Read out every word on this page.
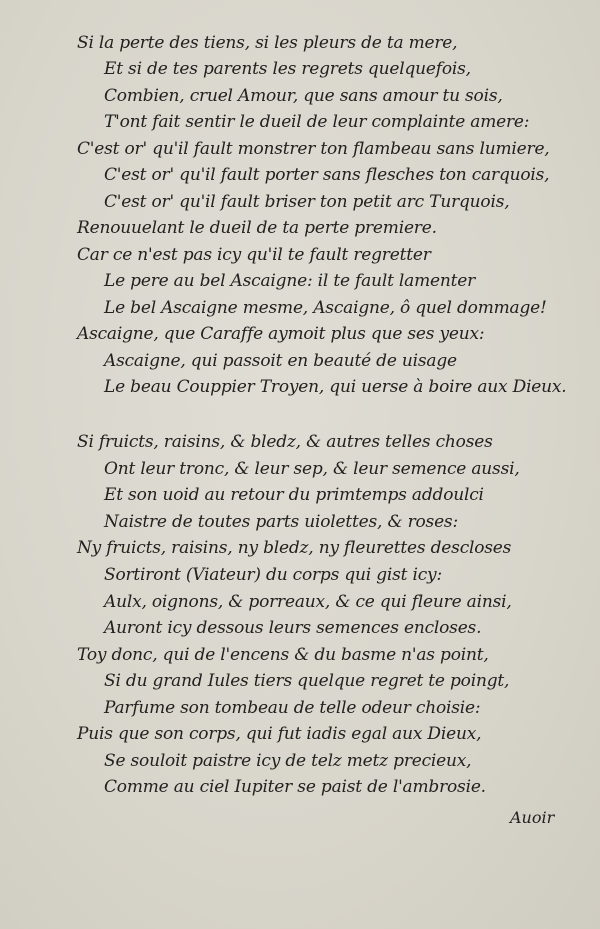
Si la perte des tiens, si les pleurs de ta mere,
Et si de tes parents les regrets quelquefois,
Combien, cruel Amour, que sans amour tu sois,
T'ont fait sentir le dueil de leur complainte amere:
C'est or' qu'il fault monstrer ton flambeau sans lumiere,
C'est or' qu'il fault porter sans flesches ton carquois,
C'est or' qu'il fault briser ton petit arc Turquois,
Renouuelant le dueil de ta perte premiere.
Car ce n'est pas icy qu'il te fault regretter
Le pere au bel Ascaigne: il te fault lamenter
Le bel Ascaigne mesme, Ascaigne, ô quel dommage!
Ascaigne, que Caraffe aymoit plus que ses yeux:
Ascaigne, qui passoit en beauté de uisage
Le beau Couppier Troyen, qui uerse à boire aux Dieux.
Si fruicts, raisins, & bledz, & autres telles choses
Ont leur tronc, & leur sep, & leur semence aussi,
Et son uoid au retour du primtemps addoulci
Naistre de toutes parts uiolettes, & roses:
Ny fruicts, raisins, ny bledz, ny fleurettes descloses
Sortiront (Viateur) du corps qui gist icy:
Aulx, oignons, & porreaux, & ce qui fleure ainsi,
Auront icy dessous leurs semences encloses.
Toy donc, qui de l'encens & du basme n'as point,
Si du grand Iules tiers quelque regret te poingt,
Parfume son tombeau de telle odeur choisie:
Puis que son corps, qui fut iadis egal aux Dieux,
Se souloit paistre icy de telz metz precieux,
Comme au ciel Iupiter se paist de l'ambrosie.
Auoir
